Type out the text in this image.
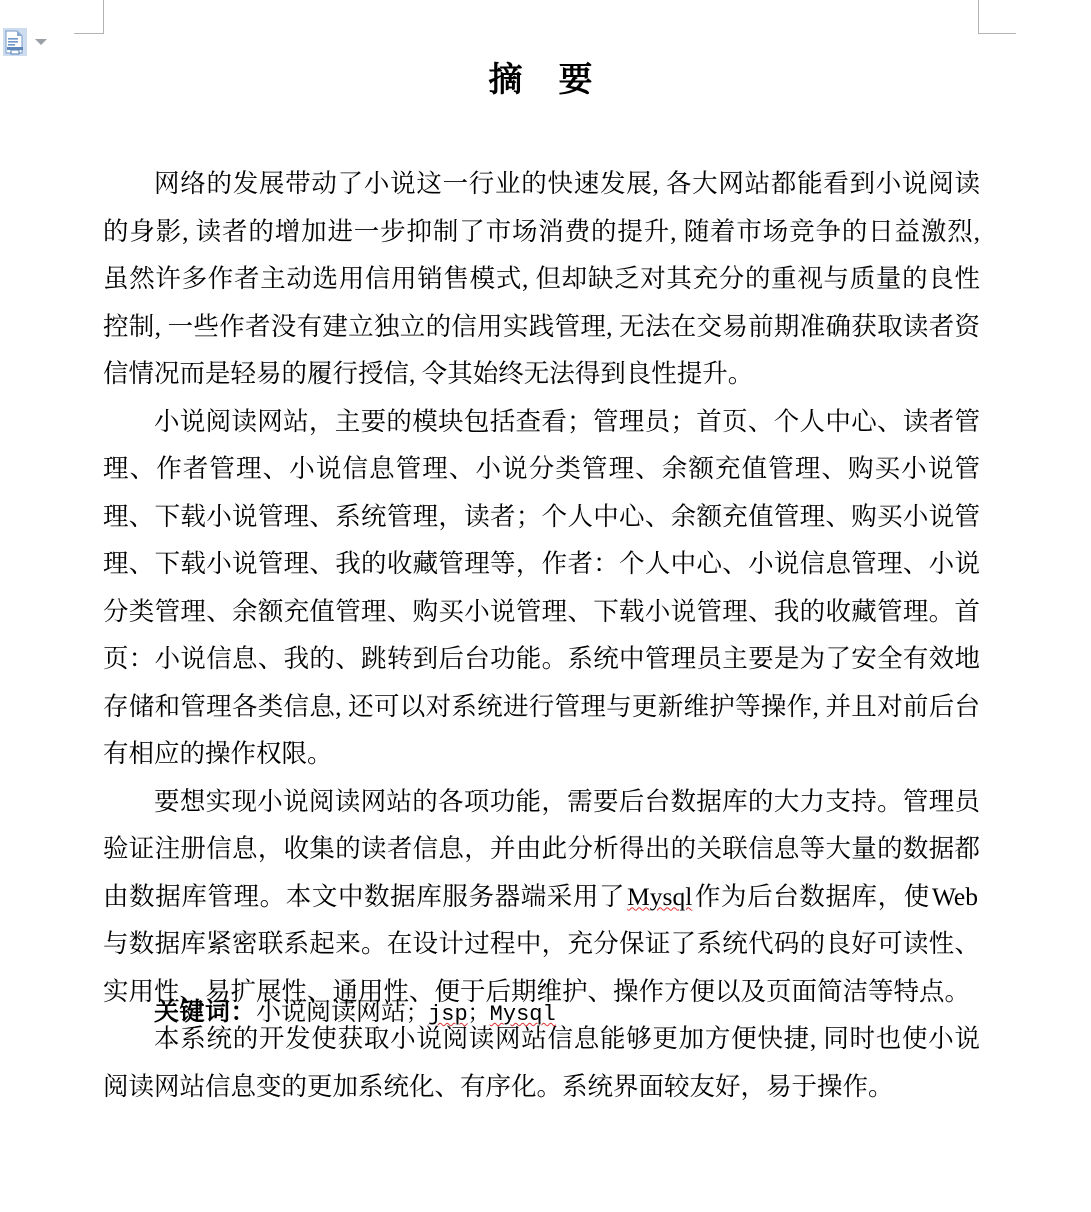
摘　要

网络的发展带动了小说这一行业的快速发展, 各大网站都能看到小说阅读的身影, 读者的增加进一步抑制了市场消费的提升, 随着市场竞争的日益激烈, 虽然许多作者主动选用信用销售模式, 但却缺乏对其充分的重视与质量的良性控制, 一些作者没有建立独立的信用实践管理, 无法在交易前期准确获取读者资信情况而是轻易的履行授信, 令其始终无法得到良性提升。

小说阅读网站，主要的模块包括查看；管理员；首页、个人中心、读者管理、作者管理、小说信息管理、小说分类管理、余额充值管理、购买小说管理、下载小说管理、系统管理，读者；个人中心、余额充值管理、购买小说管理、下载小说管理、我的收藏管理等，作者：个人中心、小说信息管理、小说分类管理、余额充值管理、购买小说管理、下载小说管理、我的收藏管理。首页：小说信息、我的、跳转到后台功能。系统中管理员主要是为了安全有效地存储和管理各类信息, 还可以对系统进行管理与更新维护等操作, 并且对前后台有相应的操作权限。

要想实现小说阅读网站的各项功能，需要后台数据库的大力支持。管理员验证注册信息，收集的读者信息，并由此分析得出的关联信息等大量的数据都由数据库管理。本文中数据库服务器端采用了Mysql作为后台数据库，使Web与数据库紧密联系起来。在设计过程中，充分保证了系统代码的良好可读性、实用性、易扩展性、通用性、便于后期维护、操作方便以及页面简洁等特点。

本系统的开发使获取小说阅读网站信息能够更加方便快捷, 同时也使小说阅读网站信息变的更加系统化、有序化。系统界面较友好，易于操作。

关键词：小说阅读网站；jsp；Mysql
